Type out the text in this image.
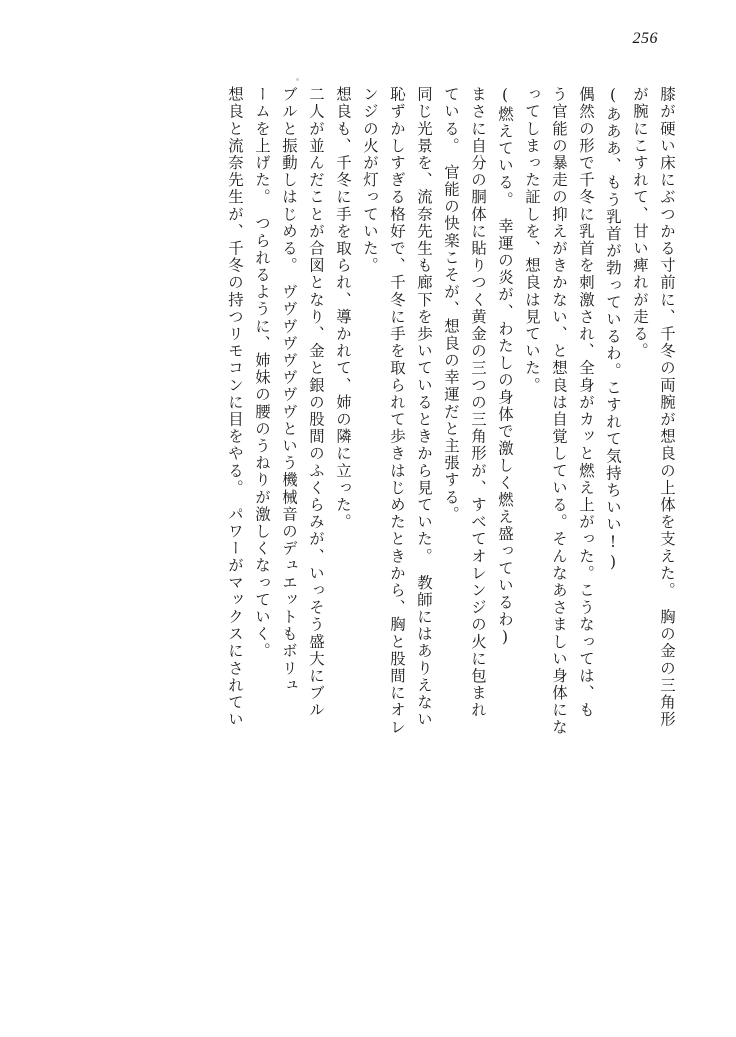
256
膝が硬い床にぶつかる寸前に、千冬の両腕が想良の上体を支えた。　胸の金の三角形
が腕にこすれて、甘い痺れが走る。
(あああ、もう乳首が勃っているわ。こすれて気持ちいい!)
偶然の形で千冬に乳首を刺激され、全身がカッと燃え上がった。こうなっては、も
う官能の暴走の抑えがきかない、と想良は自覚している。そんなあさましい身体にな
ってしまった証しを、想良は見ていた。
(燃えている。　幸運の炎が、わたしの身体で激しく燃え盛っているわ)
まさに自分の胴体に貼りつく黄金の三つの三角形が、すべてオレンジの火に包まれ
ている。　官能の快楽こそが、想良の幸運だと主張する。
同じ光景を、流奈先生も廊下を歩いているときから見ていた。　教師にはありえない
恥ずかしすぎる格好で、千冬に手を取られて歩きはじめたときから、胸と股間にオレ
ンジの火が灯っていた。
想良も、千冬に手を取られ、導かれて、姉の隣に立った。
二人が並んだことが合図となり、金と銀の股間のふくらみが、いっそう盛大にブル
ブルと振動しはじめる。　ヴヴヴヴヴヴヴヴという機械音のデュエットもボリュ
ームを上げた。　つられるように、姉妹の腰のうねりが激しくなっていく。
想良と流奈先生が、千冬の持つリモコンに目をやる。　パワーがマックスにされてい
